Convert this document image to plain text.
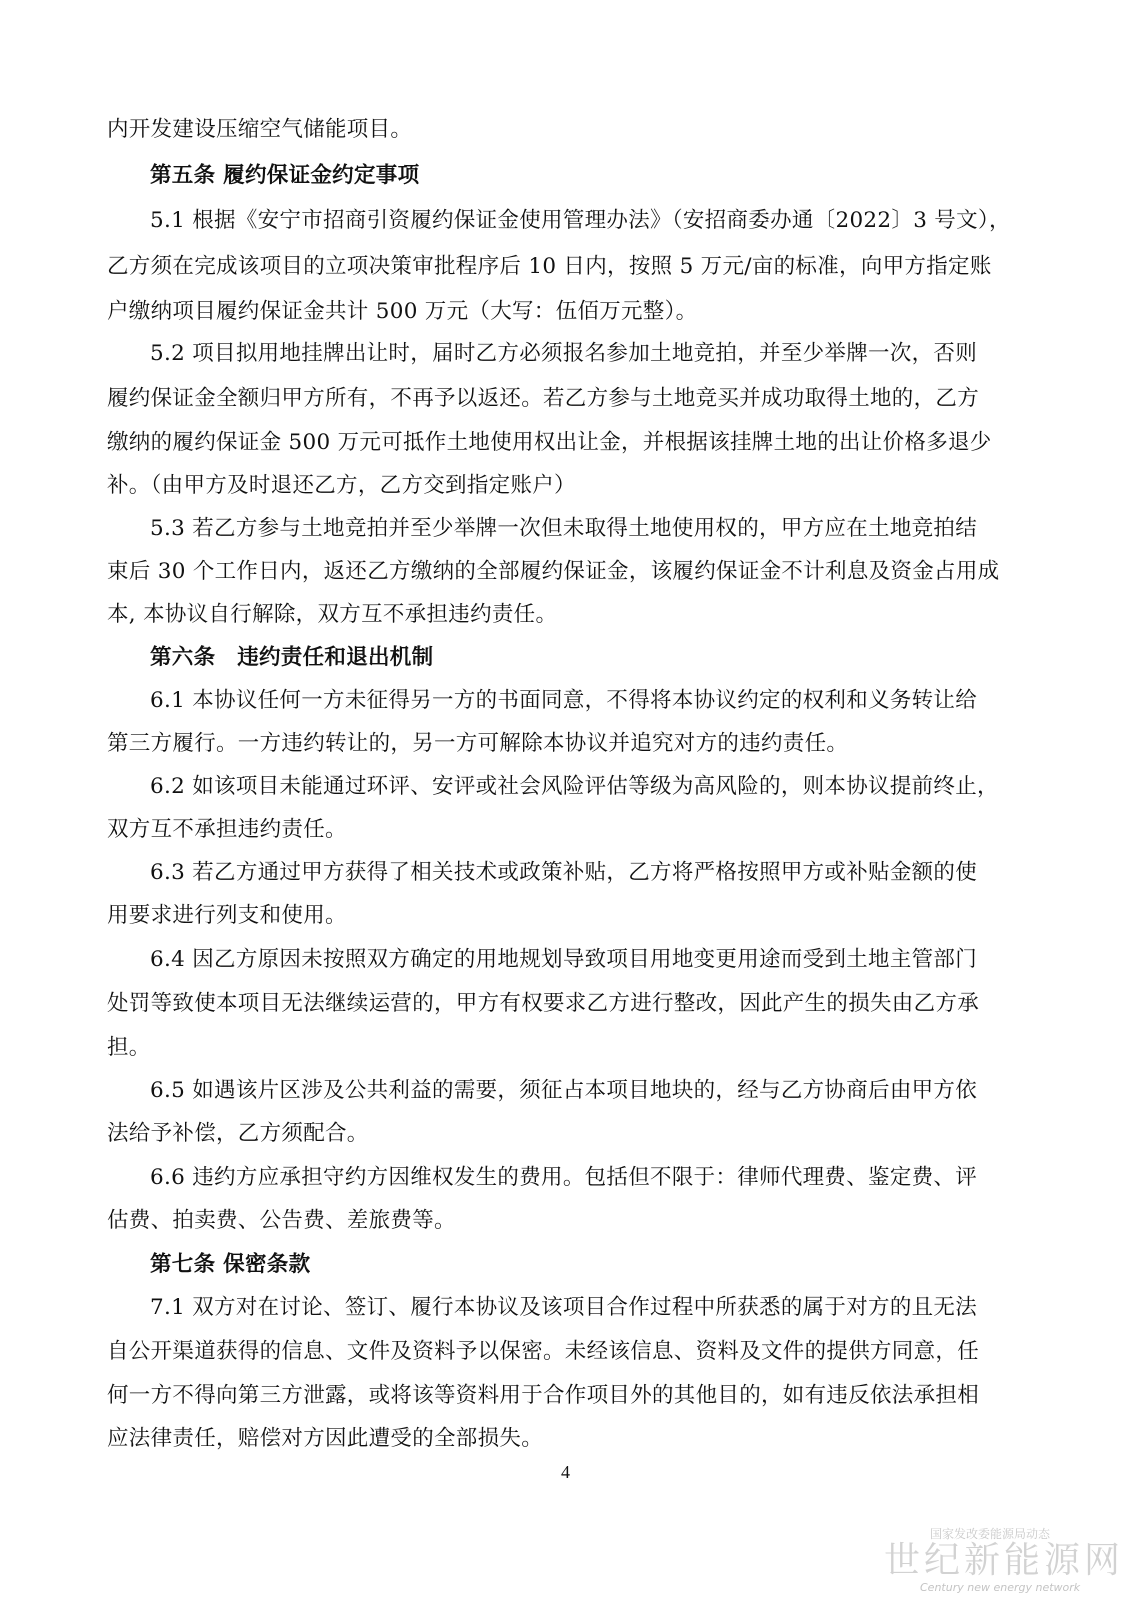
内开发建设压缩空气储能项目。
第五条 履约保证金约定事项
5.1 根据《安宁市招商引资履约保证金使用管理办法》（安招商委办通〔2022〕3 号文），
乙方须在完成该项目的立项决策审批程序后 10 日内，按照 5 万元/亩的标准，向甲方指定账
户缴纳项目履约保证金共计 500 万元（大写：伍佰万元整）。
5.2 项目拟用地挂牌出让时，届时乙方必须报名参加土地竞拍，并至少举牌一次，否则
履约保证金全额归甲方所有，不再予以返还。若乙方参与土地竞买并成功取得土地的，乙方
缴纳的履约保证金 500 万元可抵作土地使用权出让金，并根据该挂牌土地的出让价格多退少
补。（由甲方及时退还乙方，乙方交到指定账户）
5.3 若乙方参与土地竞拍并至少举牌一次但未取得土地使用权的，甲方应在土地竞拍结
束后 30 个工作日内，返还乙方缴纳的全部履约保证金，该履约保证金不计利息及资金占用成
本, 本协议自行解除，双方互不承担违约责任。
第六条　违约责任和退出机制
6.1 本协议任何一方未征得另一方的书面同意，不得将本协议约定的权利和义务转让给
第三方履行。一方违约转让的，另一方可解除本协议并追究对方的违约责任。
6.2 如该项目未能通过环评、安评或社会风险评估等级为高风险的，则本协议提前终止，
双方互不承担违约责任。
6.3 若乙方通过甲方获得了相关技术或政策补贴，乙方将严格按照甲方或补贴金额的使
用要求进行列支和使用。
6.4 因乙方原因未按照双方确定的用地规划导致项目用地变更用途而受到土地主管部门
处罚等致使本项目无法继续运营的，甲方有权要求乙方进行整改，因此产生的损失由乙方承
担。
6.5 如遇该片区涉及公共利益的需要，须征占本项目地块的，经与乙方协商后由甲方依
法给予补偿，乙方须配合。
6.6 违约方应承担守约方因维权发生的费用。包括但不限于：律师代理费、鉴定费、评
估费、拍卖费、公告费、差旅费等。
第七条 保密条款
7.1 双方对在讨论、签订、履行本协议及该项目合作过程中所获悉的属于对方的且无法
自公开渠道获得的信息、文件及资料予以保密。未经该信息、资料及文件的提供方同意，任
何一方不得向第三方泄露，或将该等资料用于合作项目外的其他目的，如有违反依法承担相
应法律责任，赔偿对方因此遭受的全部损失。
4
国家发改委能源局动态
世纪新能源网
Century new energy network
